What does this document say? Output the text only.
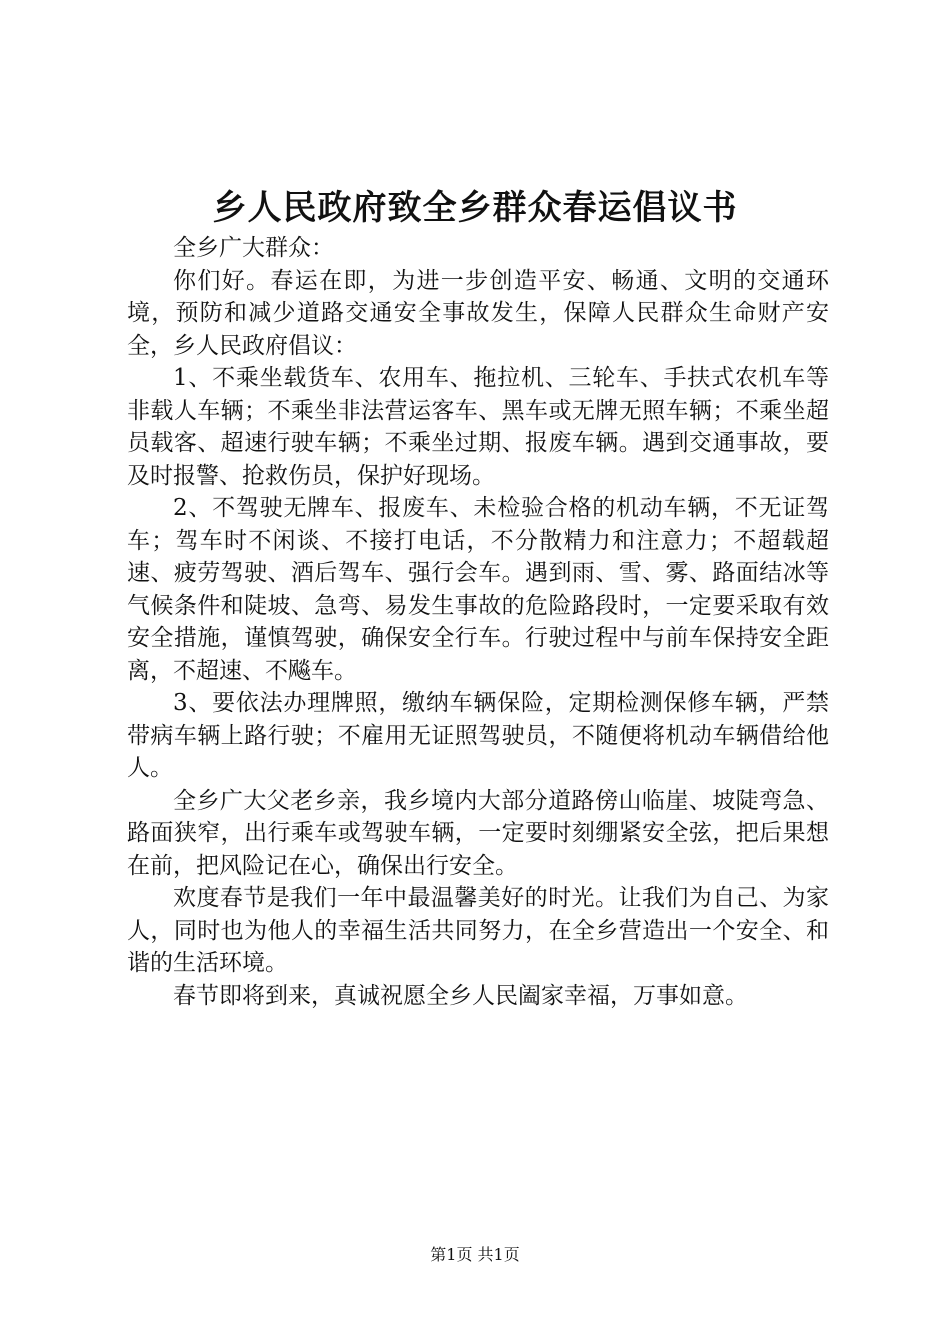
乡人民政府致全乡群众春运倡议书

全乡广大群众：

你们好。春运在即，为进一步创造平安、畅通、文明的交通环境，预防和减少道路交通安全事故发生，保障人民群众生命财产安全，乡人民政府倡议：

1、不乘坐载货车、农用车、拖拉机、三轮车、手扶式农机车等非载人车辆；不乘坐非法营运客车、黑车或无牌无照车辆；不乘坐超员载客、超速行驶车辆；不乘坐过期、报废车辆。遇到交通事故，要及时报警、抢救伤员，保护好现场。

2、不驾驶无牌车、报废车、未检验合格的机动车辆，不无证驾车；驾车时不闲谈、不接打电话，不分散精力和注意力；不超载超速、疲劳驾驶、酒后驾车、强行会车。遇到雨、雪、雾、路面结冰等气候条件和陡坡、急弯、易发生事故的危险路段时，一定要采取有效安全措施，谨慎驾驶，确保安全行车。行驶过程中与前车保持安全距离，不超速、不飚车。

3、要依法办理牌照，缴纳车辆保险，定期检测保修车辆，严禁带病车辆上路行驶；不雇用无证照驾驶员，不随便将机动车辆借给他人。

全乡广大父老乡亲，我乡境内大部分道路傍山临崖、坡陡弯急、路面狭窄，出行乘车或驾驶车辆，一定要时刻绷紧安全弦，把后果想在前，把风险记在心，确保出行安全。

欢度春节是我们一年中最温馨美好的时光。让我们为自己、为家人，同时也为他人的幸福生活共同努力，在全乡营造出一个安全、和谐的生活环境。

春节即将到来，真诚祝愿全乡人民阖家幸福，万事如意。

第1页 共1页
